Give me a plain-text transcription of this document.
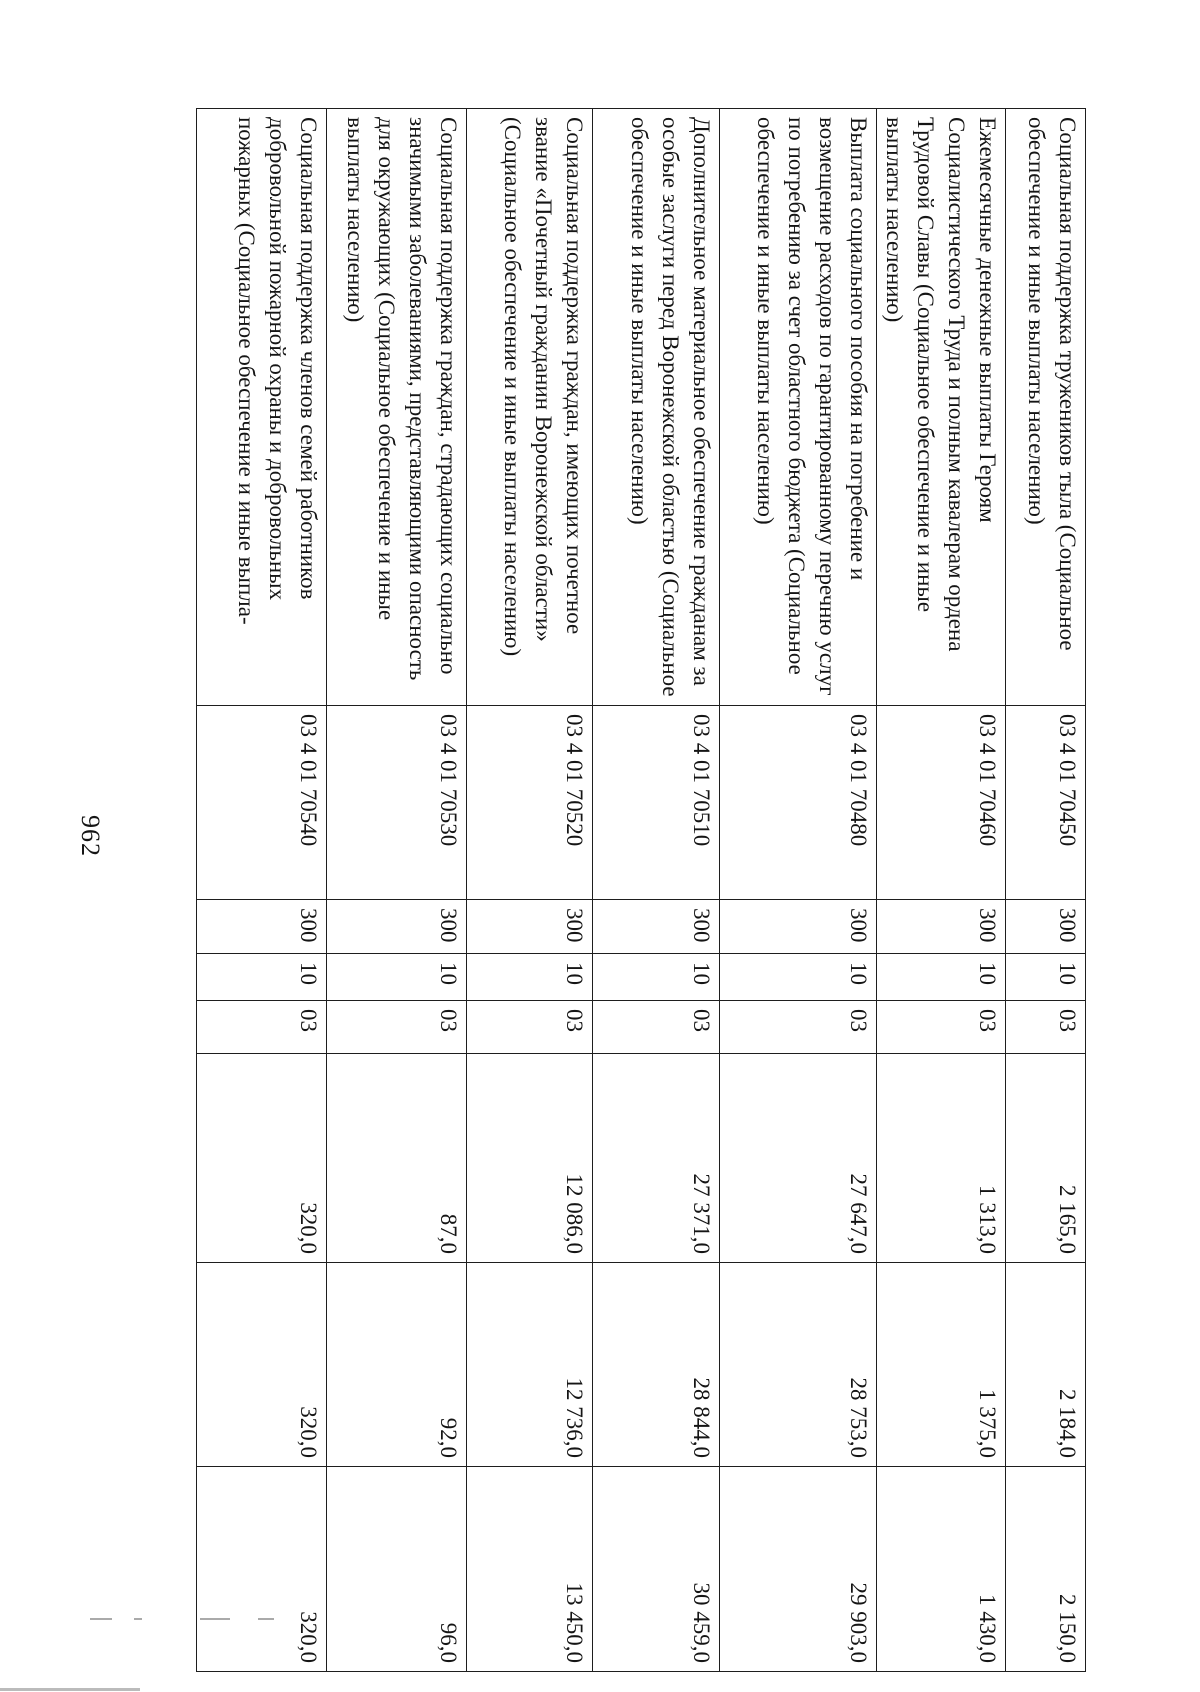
962
Социальная поддержка тружеников тыла (Социальное обеспечение и иные выплаты населению)	03 4 01 70450	300	10	03	2 165,0	2 184,0	2 150,0
Ежемесячные денежные выплаты Героям Социалистического Труда и полным кавалерам ордена Трудовой Славы (Социальное обеспечение и иные выплаты населению)	03 4 01 70460	300	10	03	1 313,0	1 375,0	1 430,0
Выплата социального пособия на погребение и возмещение расходов по гарантированному перечню услуг по погребению за счет областного бюджета (Социальное обеспечение и иные выплаты населению)	03 4 01 70480	300	10	03	27 647,0	28 753,0	29 903,0
Дополнительное материальное обеспечение гражданам за особые заслуги перед Воронежской областью (Социальное обеспечение и иные выплаты населению)	03 4 01 70510	300	10	03	27 371,0	28 844,0	30 459,0
Социальная поддержка граждан, имеющих почетное звание «Почетный гражданин Воронежской области» (Социальное обеспечение и иные выплаты населению)	03 4 01 70520	300	10	03	12 086,0	12 736,0	13 450,0
Социальная поддержка граждан, страдающих социально значимыми заболеваниями, представляющими опасность для окружающих (Социальное обеспечение и иные выплаты населению)	03 4 01 70530	300	10	03	87,0	92,0	96,0
Социальная поддержка членов семей работников добровольной пожарной охраны и добровольных пожарных (Социальное обеспечение и иные выпла-	03 4 01 70540	300	10	03	320,0	320,0	320,0
